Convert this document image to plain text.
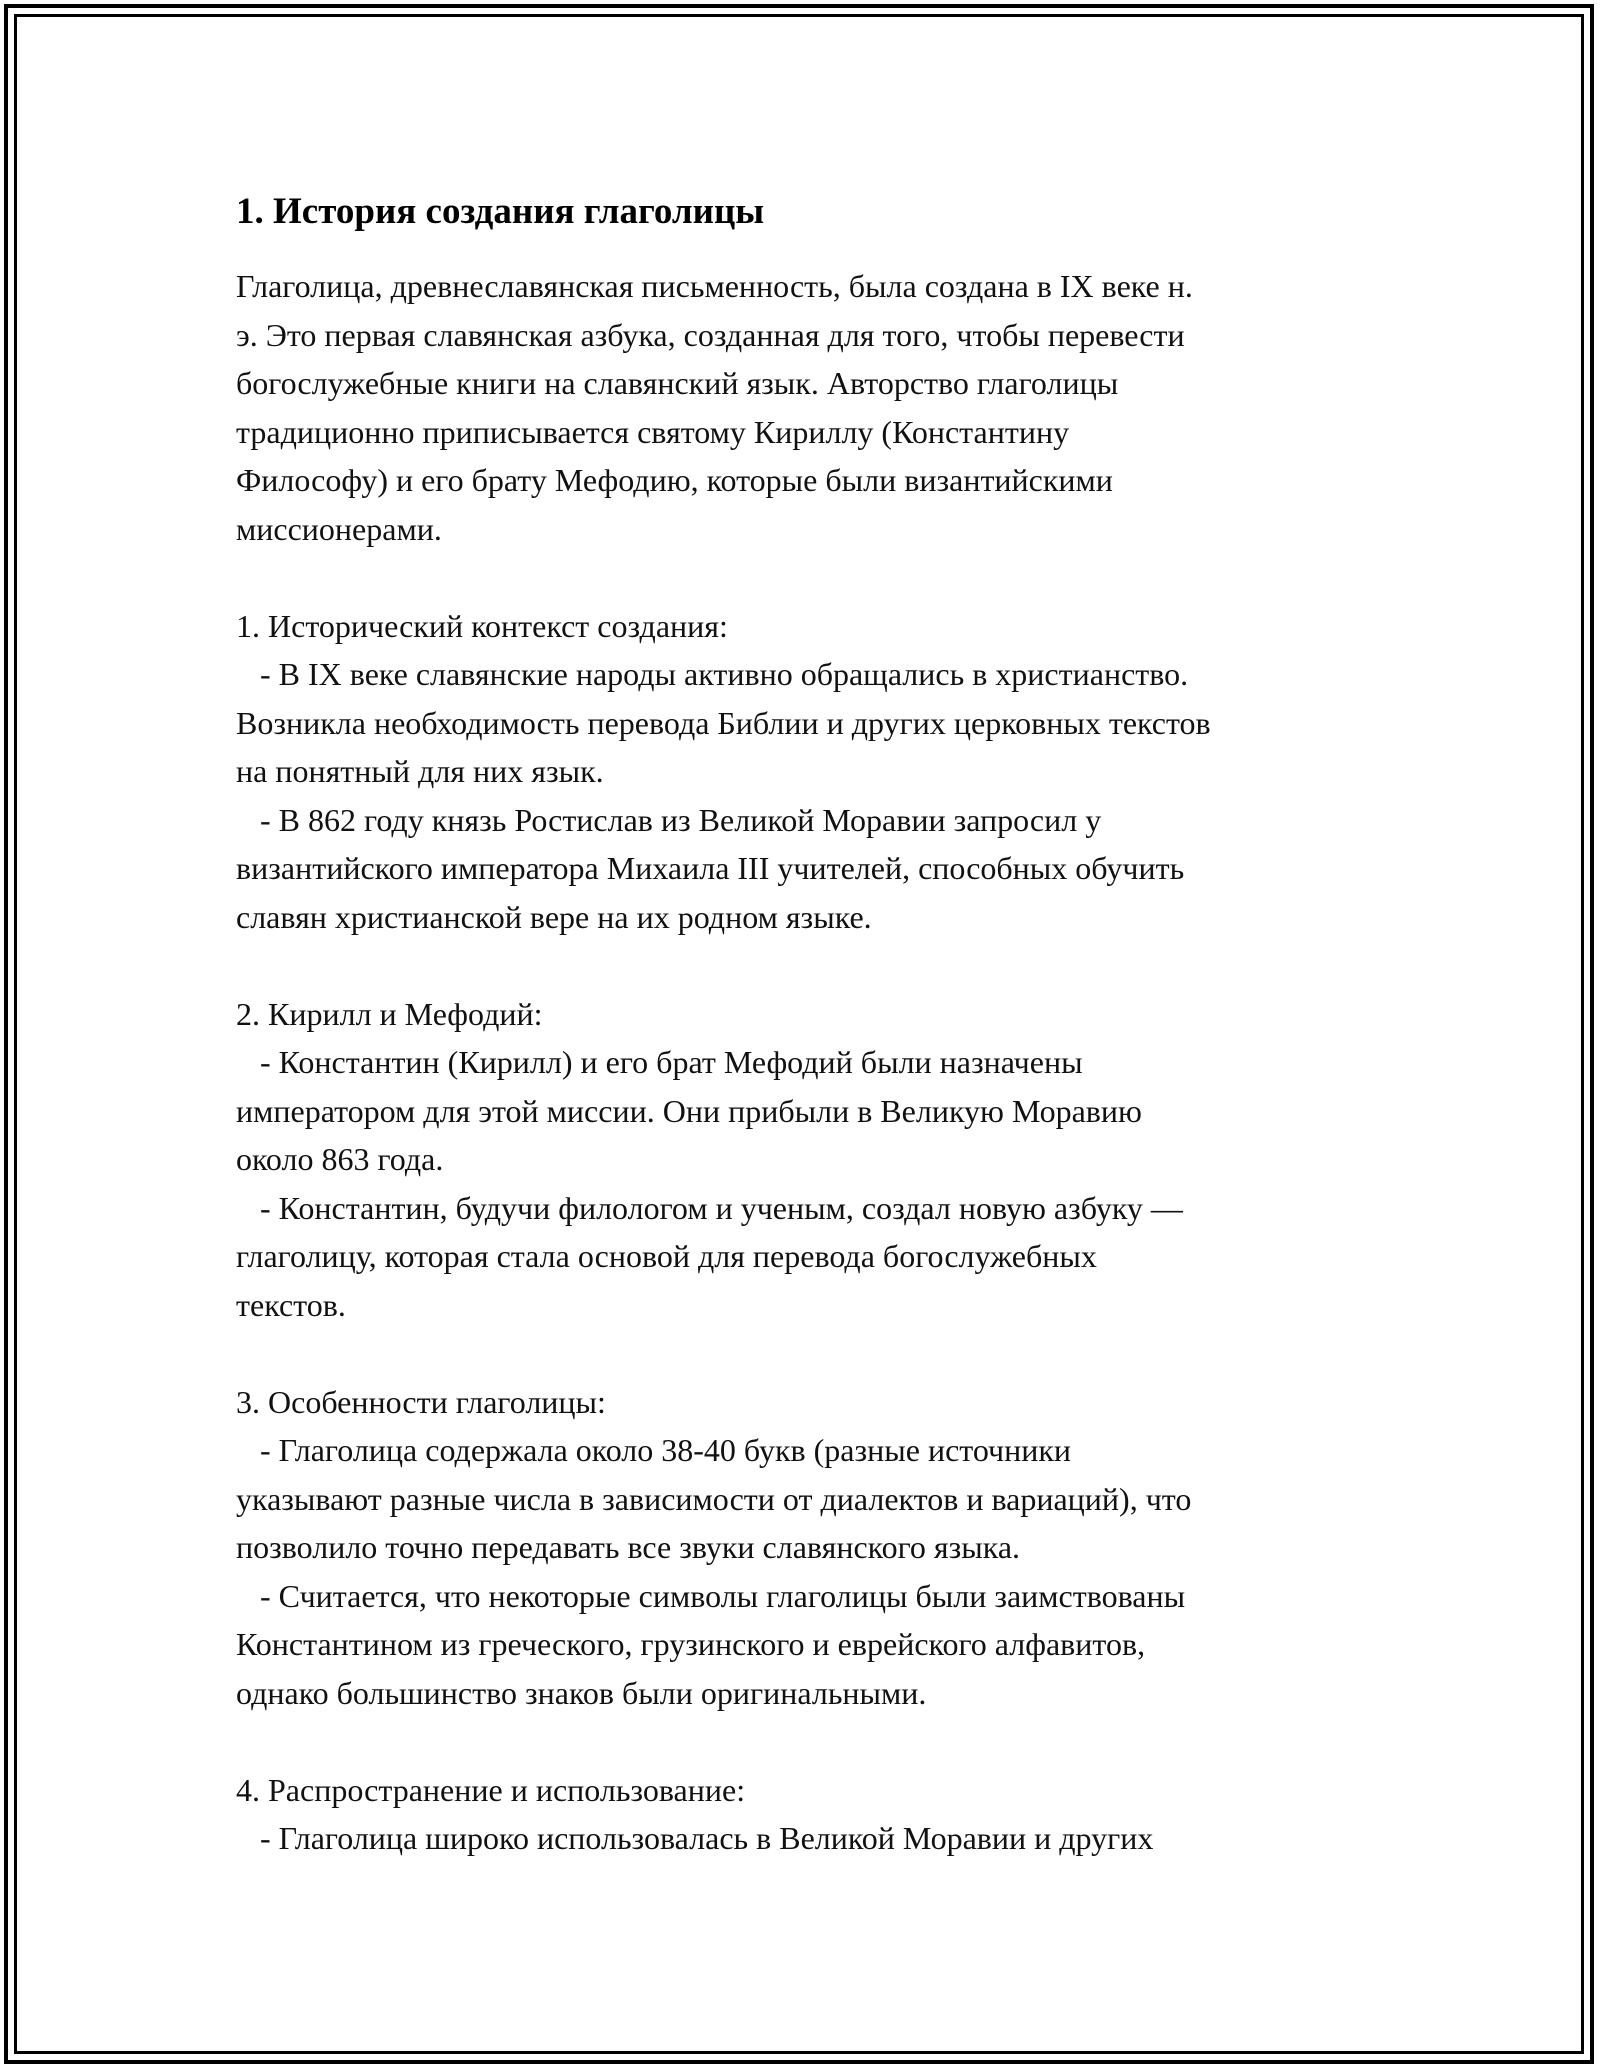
1. История создания глаголицы

Глаголица, древнеславянская письменность, была создана в IX веке н.
э. Это первая славянская азбука, созданная для того, чтобы перевести
богослужебные книги на славянский язык. Авторство глаголицы
традиционно приписывается святому Кириллу (Константину
Философу) и его брату Мефодию, которые были византийскими
миссионерами.

1. Исторический контекст создания:

- В IX веке славянские народы активно обращались в христианство.
Возникла необходимость перевода Библии и других церковных текстов
на понятный для них язык.

- В 862 году князь Ростислав из Великой Моравии запросил у
византийского императора Михаила III учителей, способных обучить
славян христианской вере на их родном языке.

2. Кирилл и Мефодий:

- Константин (Кирилл) и его брат Мефодий были назначены
императором для этой миссии. Они прибыли в Великую Моравию
около 863 года.

- Константин, будучи филологом и ученым, создал новую азбуку —
глаголицу, которая стала основой для перевода богослужебных
текстов.

3. Особенности глаголицы:

- Глаголица содержала около 38-40 букв (разные источники
указывают разные числа в зависимости от диалектов и вариаций), что
позволило точно передавать все звуки славянского языка.

- Считается, что некоторые символы глаголицы были заимствованы
Константином из греческого, грузинского и еврейского алфавитов,
однако большинство знаков были оригинальными.

4. Распространение и использование:

- Глаголица широко использовалась в Великой Моравии и других
